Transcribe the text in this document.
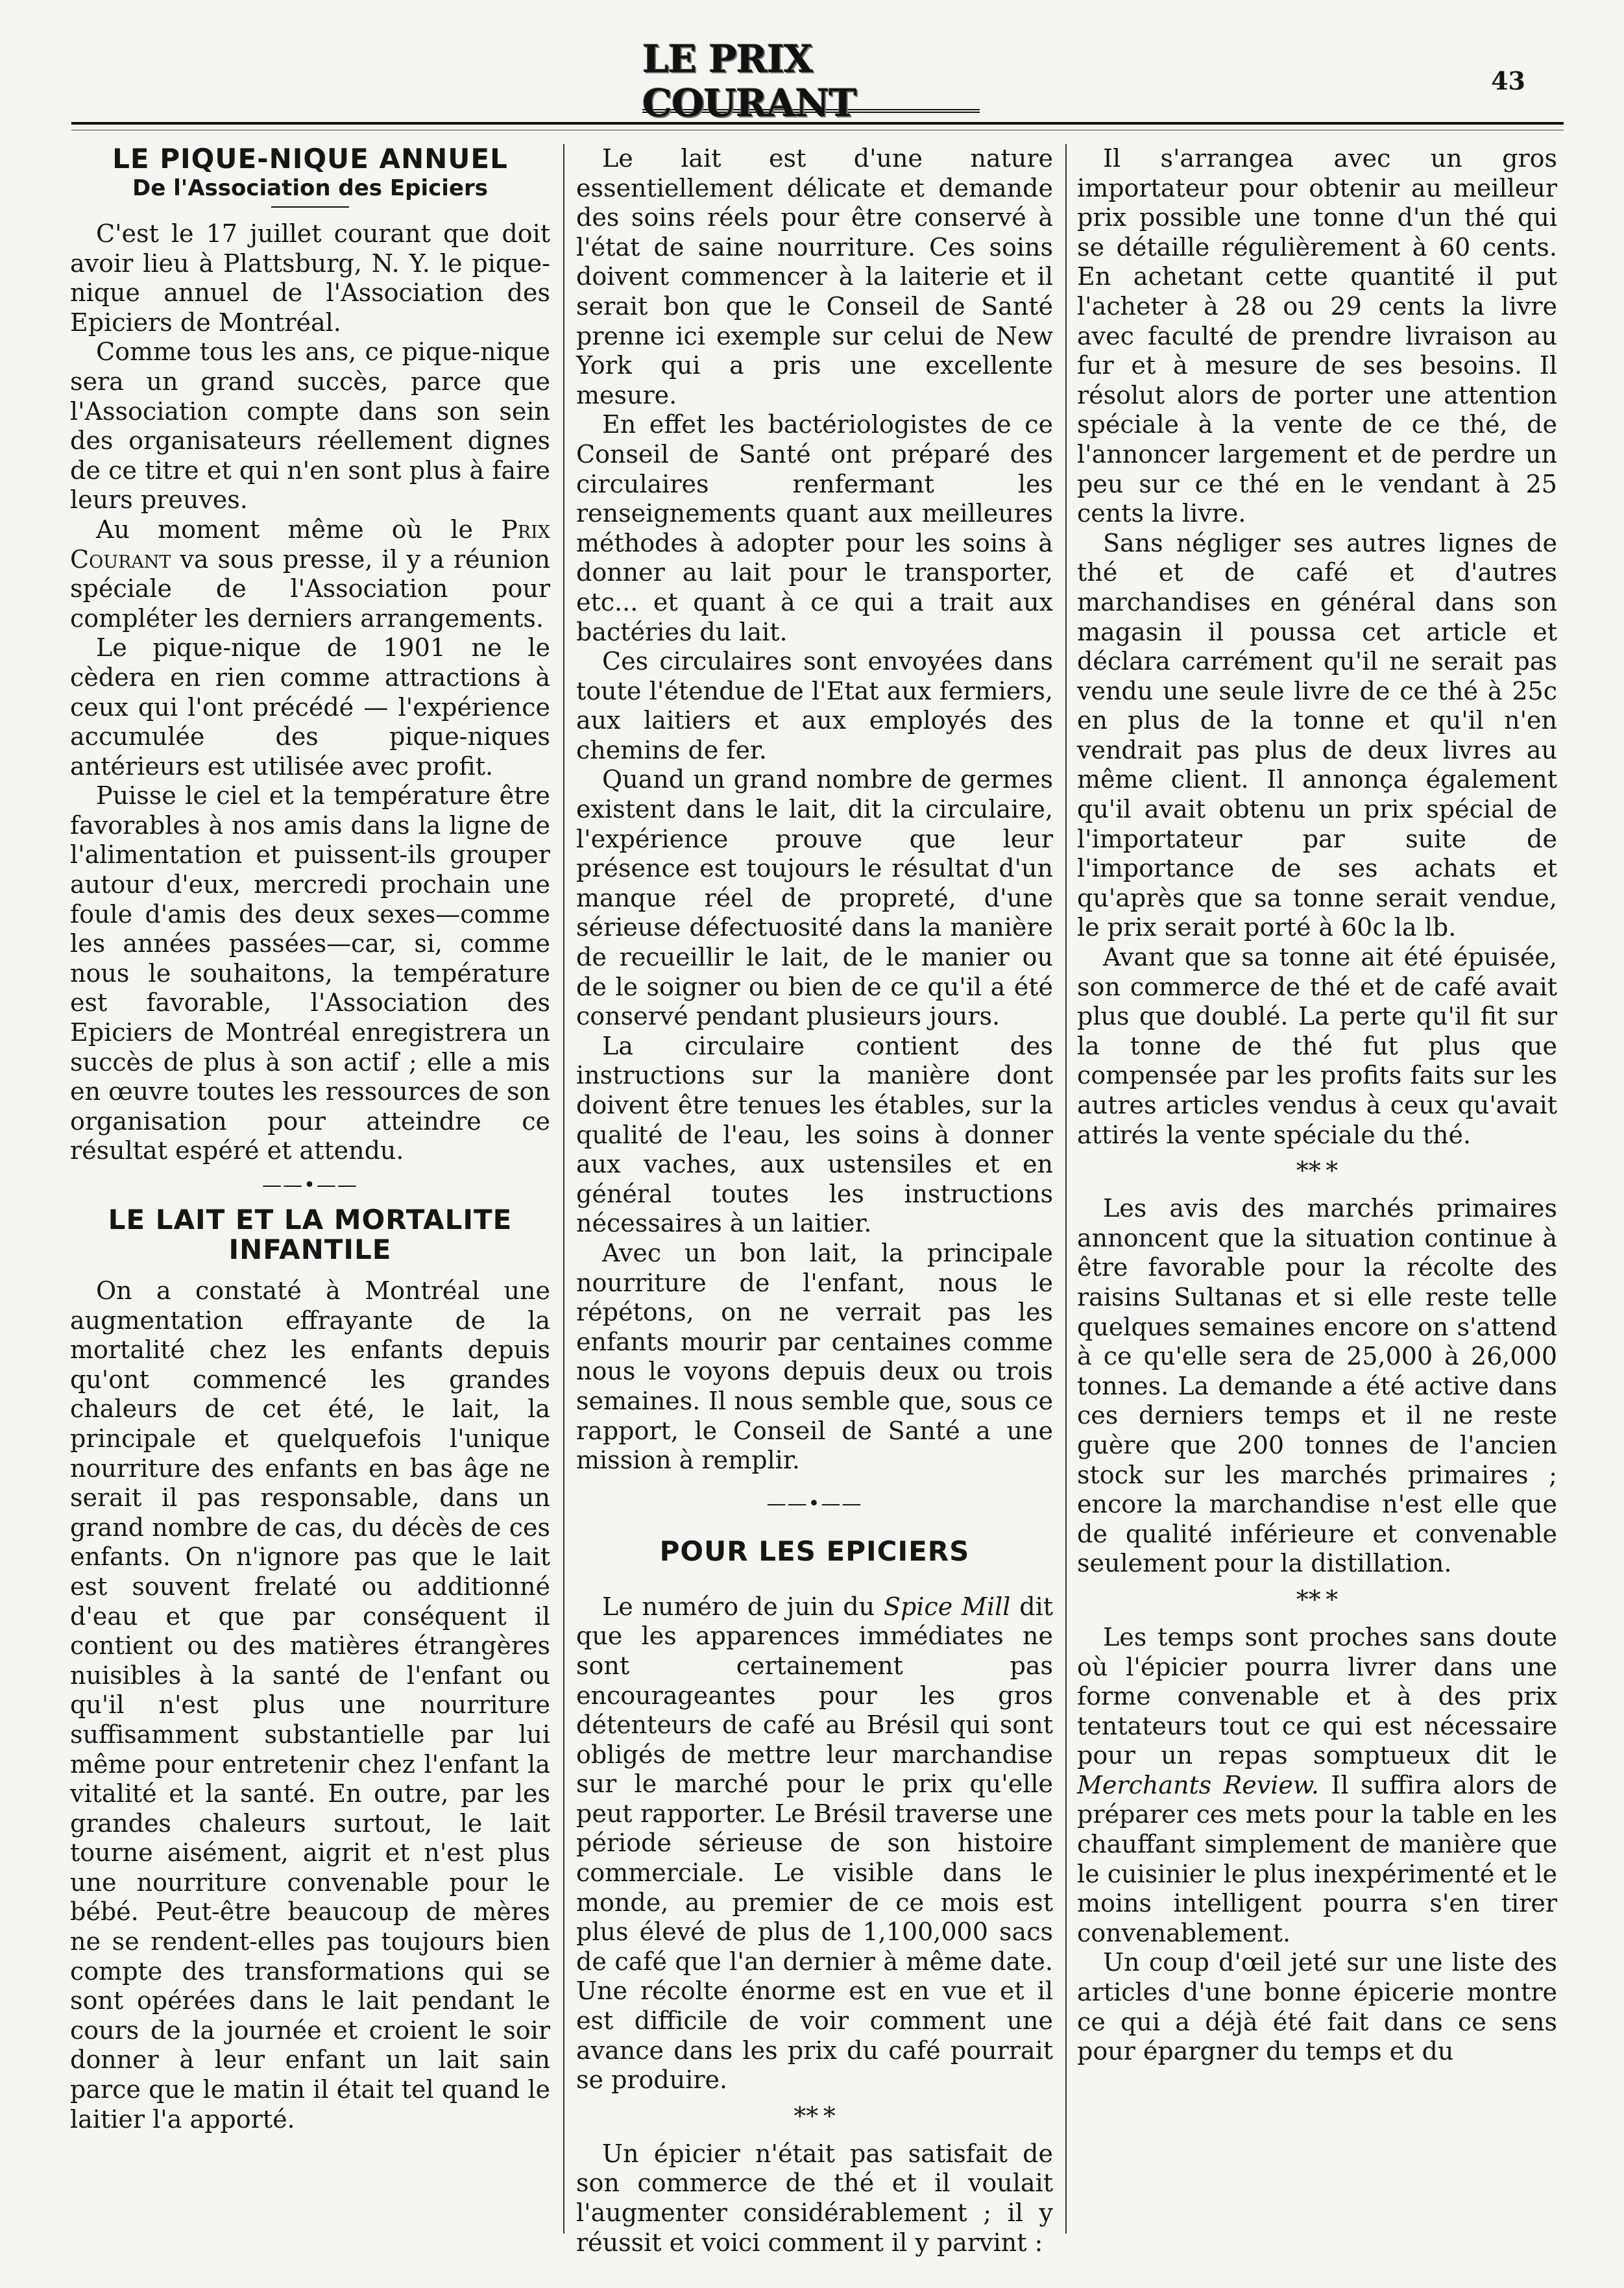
LE PRIX COURANT
43
LE PIQUE-NIQUE ANNUEL
De l'Association des Epiciers

C'est le 17 juillet courant que doit avoir lieu à Plattsburg, N. Y. le pique-nique annuel de l'Association des Epiciers de Montréal.

Comme tous les ans, ce pique-nique sera un grand succès, parce que l'Association compte dans son sein des organisateurs réellement dignes de ce titre et qui n'en sont plus à faire leurs preuves.

Au moment même où le Prix Courant va sous presse, il y a réunion spéciale de l'Association pour compléter les derniers arrangements.

Le pique-nique de 1901 ne le cèdera en rien comme attractions à ceux qui l'ont précédé — l'expérience accumulée des pique-niques antérieurs est utilisée avec profit.

Puisse le ciel et la température être favorables à nos amis dans la ligne de l'alimentation et puissent-ils grouper autour d'eux, mercredi prochain une foule d'amis des deux sexes—comme les années passées—car, si, comme nous le souhaitons, la température est favorable, l'Association des Epiciers de Montréal enregistrera un succès de plus à son actif ; elle a mis en œuvre toutes les ressources de son organisation pour atteindre ce résultat espéré et attendu.

——•——
LE LAIT ET LA MORTALITE INFANTILE

On a constaté à Montréal une augmentation effrayante de la mortalité chez les enfants depuis qu'ont commencé les grandes chaleurs de cet été, le lait, la principale et quelquefois l'unique nourriture des enfants en bas âge ne serait il pas responsable, dans un grand nombre de cas, du décès de ces enfants. On n'ignore pas que le lait est souvent frelaté ou additionné d'eau et que par conséquent il contient ou des matières étrangères nuisibles à la santé de l'enfant ou qu'il n'est plus une nourriture suffisamment substantielle par lui même pour entretenir chez l'enfant la vitalité et la santé. En outre, par les grandes chaleurs surtout, le lait tourne aisément, aigrit et n'est plus une nourriture convenable pour le bébé. Peut-être beaucoup de mères ne se rendent-elles pas toujours bien compte des transformations qui se sont opérées dans le lait pendant le cours de la journée et croient le soir donner à leur enfant un lait sain parce que le matin il était tel quand le laitier l'a apporté.

Le lait est d'une nature essentiellement délicate et demande des soins réels pour être conservé à l'état de saine nourriture. Ces soins doivent commencer à la laiterie et il serait bon que le Conseil de Santé prenne ici exemple sur celui de New York qui a pris une excellente mesure.

En effet les bactériologistes de ce Conseil de Santé ont préparé des circulaires renfermant les renseignements quant aux meilleures méthodes à adopter pour les soins à donner au lait pour le transporter, etc... et quant à ce qui a trait aux bactéries du lait.

Ces circulaires sont envoyées dans toute l'étendue de l'Etat aux fermiers, aux laitiers et aux employés des chemins de fer.

Quand un grand nombre de germes existent dans le lait, dit la circulaire, l'expérience prouve que leur présence est toujours le résultat d'un manque réel de propreté, d'une sérieuse défectuosité dans la manière de recueillir le lait, de le manier ou de le soigner ou bien de ce qu'il a été conservé pendant plusieurs jours.

La circulaire contient des instructions sur la manière dont doivent être tenues les étables, sur la qualité de l'eau, les soins à donner aux vaches, aux ustensiles et en général toutes les instructions nécessaires à un laitier.

Avec un bon lait, la principale nourriture de l'enfant, nous le répétons, on ne verrait pas les enfants mourir par centaines comme nous le voyons depuis deux ou trois semaines. Il nous semble que, sous ce rapport, le Conseil de Santé a une mission à remplir.

——•——
POUR LES EPICIERS

Le numéro de juin du Spice Mill dit que les apparences immédiates ne sont certainement pas encourageantes pour les gros détenteurs de café au Brésil qui sont obligés de mettre leur marchandise sur le marché pour le prix qu'elle peut rapporter. Le Brésil traverse une période sérieuse de son histoire commerciale. Le visible dans le monde, au premier de ce mois est plus élevé de plus de 1,100,000 sacs de café que l'an dernier à même date. Une récolte énorme est en vue et il est difficile de voir comment une avance dans les prix du café pourrait se produire.

** *

Un épicier n'était pas satisfait de son commerce de thé et il voulait l'augmenter considérablement ; il y réussit et voici comment il y parvint :

Il s'arrangea avec un gros importateur pour obtenir au meilleur prix possible une tonne d'un thé qui se détaille régulièrement à 60 cents. En achetant cette quantité il put l'acheter à 28 ou 29 cents la livre avec faculté de prendre livraison au fur et à mesure de ses besoins. Il résolut alors de porter une attention spéciale à la vente de ce thé, de l'annoncer largement et de perdre un peu sur ce thé en le vendant à 25 cents la livre.

Sans négliger ses autres lignes de thé et de café et d'autres marchandises en général dans son magasin il poussa cet article et déclara carrément qu'il ne serait pas vendu une seule livre de ce thé à 25c en plus de la tonne et qu'il n'en vendrait pas plus de deux livres au même client. Il annonça également qu'il avait obtenu un prix spécial de l'importateur par suite de l'importance de ses achats et qu'après que sa tonne serait vendue, le prix serait porté à 60c la lb.

Avant que sa tonne ait été épuisée, son commerce de thé et de café avait plus que doublé. La perte qu'il fit sur la tonne de thé fut plus que compensée par les profits faits sur les autres articles vendus à ceux qu'avait attirés la vente spéciale du thé.

** *

Les avis des marchés primaires annoncent que la situation continue à être favorable pour la récolte des raisins Sultanas et si elle reste telle quelques semaines encore on s'attend à ce qu'elle sera de 25,000 à 26,000 tonnes. La demande a été active dans ces derniers temps et il ne reste guère que 200 tonnes de l'ancien stock sur les marchés primaires ; encore la marchandise n'est elle que de qualité inférieure et convenable seulement pour la distillation.

** *

Les temps sont proches sans doute où l'épicier pourra livrer dans une forme convenable et à des prix tentateurs tout ce qui est nécessaire pour un repas somptueux dit le Merchants Review. Il suffira alors de préparer ces mets pour la table en les chauffant simplement de manière que le cuisinier le plus inexpérimenté et le moins intelligent pourra s'en tirer convenablement.

Un coup d'œil jeté sur une liste des articles d'une bonne épicerie montre ce qui a déjà été fait dans ce sens pour épargner du temps et du
